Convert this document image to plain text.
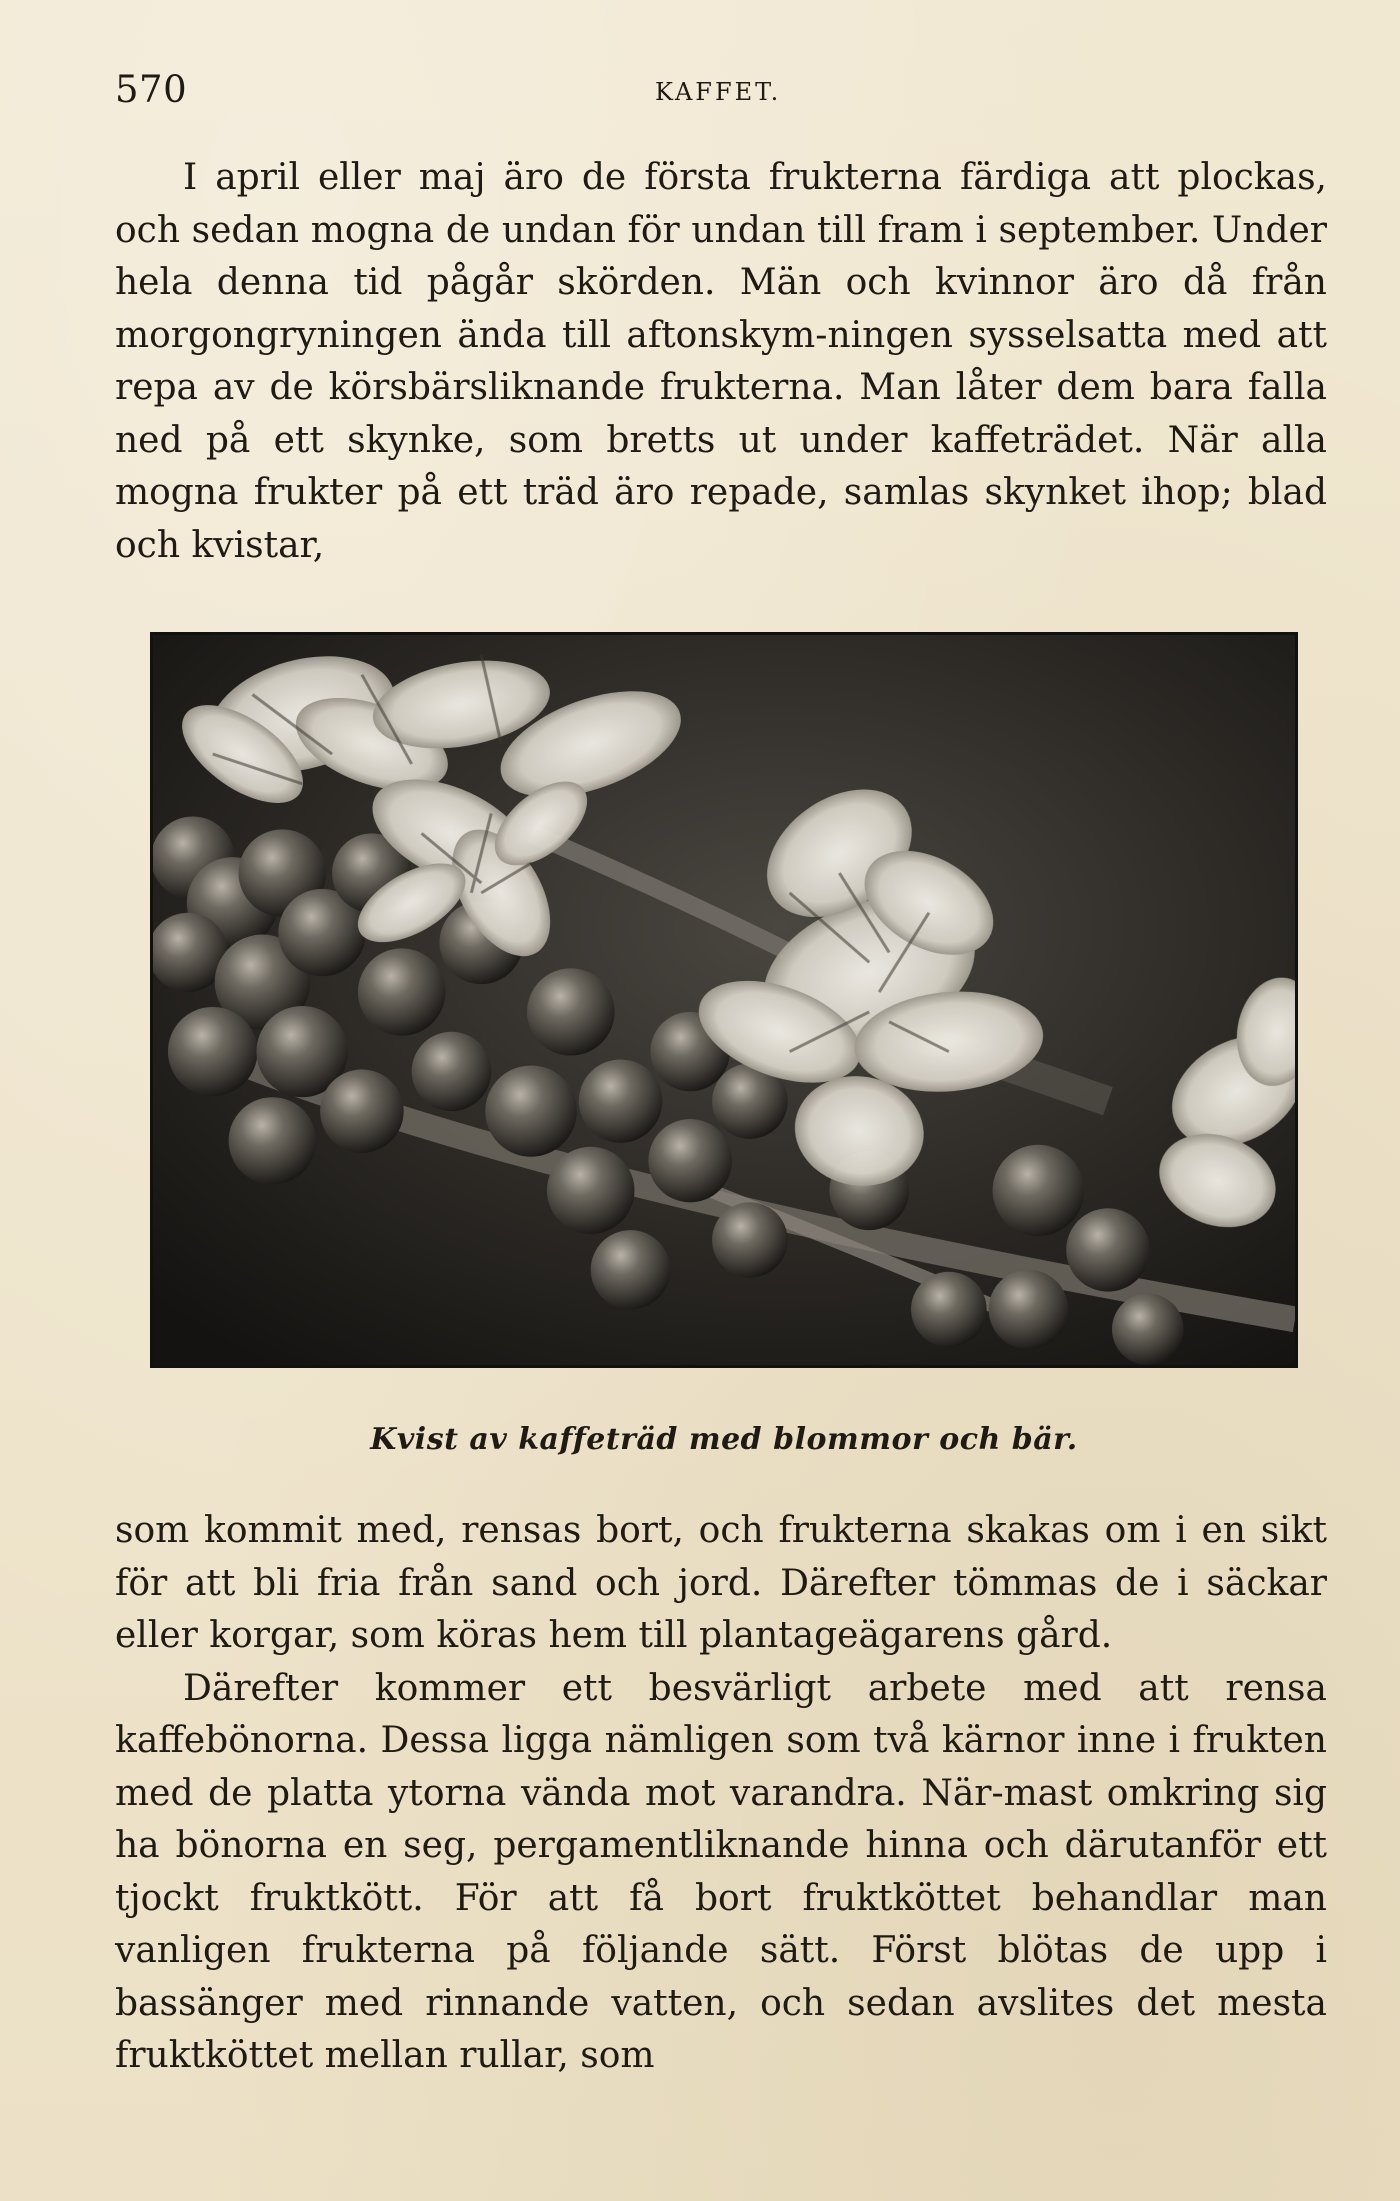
570	KAFFET.

I april eller maj äro de första frukterna färdiga att plockas, och sedan mogna de undan för undan till fram i september. Under hela denna tid pågår skörden. Män och kvinnor äro då från morgongryningen ända till aftonskym-ningen sysselsatta med att repa av de körsbärsliknande frukterna. Man låter dem bara falla ned på ett skynke, som bretts ut under kaffeträdet. När alla mogna frukter på ett träd äro repade, samlas skynket ihop; blad och kvistar,

Kvist av kaffeträd med blommor och bär.

som kommit med, rensas bort, och frukterna skakas om i en sikt för att bli fria från sand och jord. Därefter tömmas de i säckar eller korgar, som köras hem till plantageägarens gård.

Därefter kommer ett besvärligt arbete med att rensa kaffebönorna. Dessa ligga nämligen som två kärnor inne i frukten med de platta ytorna vända mot varandra. När-mast omkring sig ha bönorna en seg, pergamentliknande hinna och därutanför ett tjockt fruktkött. För att få bort fruktköttet behandlar man vanligen frukterna på följande sätt. Först blötas de upp i bassänger med rinnande vatten, och sedan avslites det mesta fruktköttet mellan rullar, som
